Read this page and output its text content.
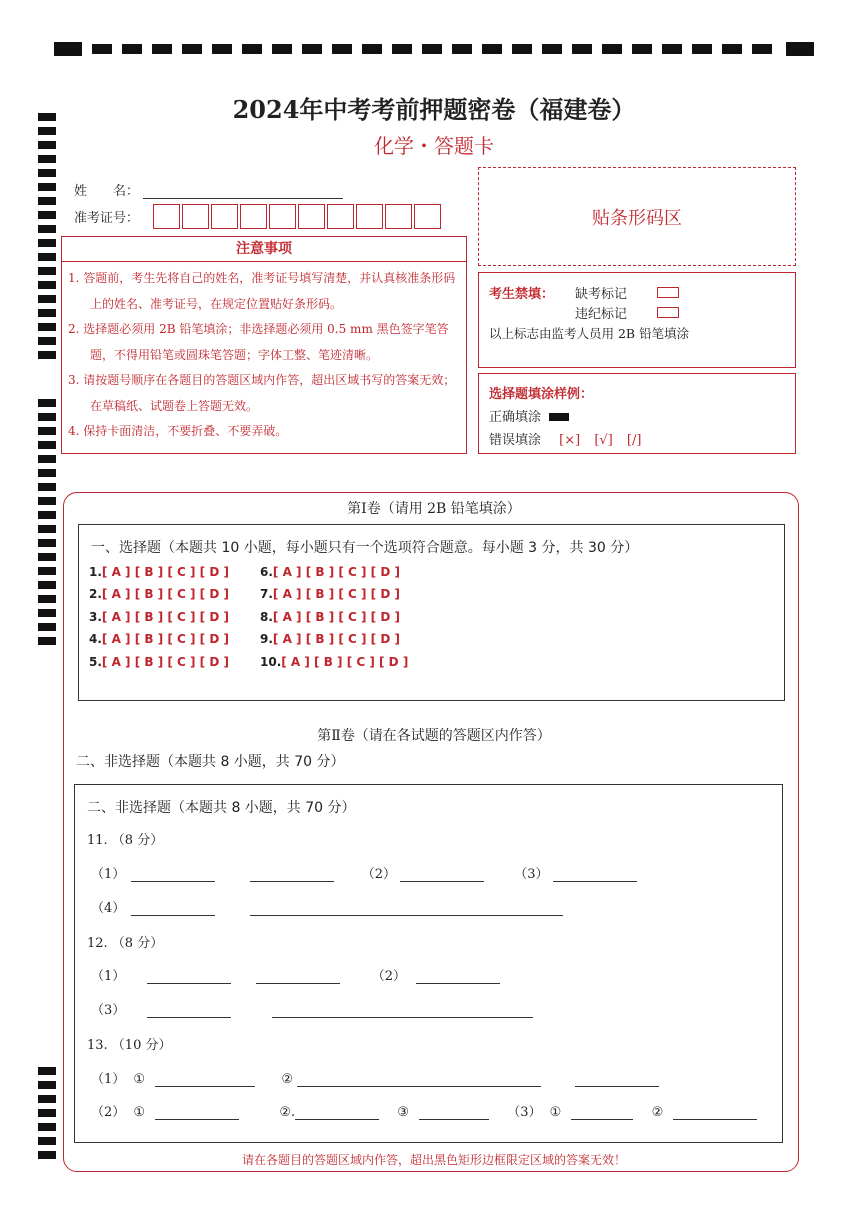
2024年中考考前押题密卷（福建卷）
化学・答题卡
姓　　名：
准考证号：	贴条形码区
注意事项
1. 答题前，考生先将自己的姓名，准考证号填写清楚，并认真核准条形码上的姓名、准考证号，在规定位置贴好条形码。
2. 选择题必须用 2B 铅笔填涂；非选择题必须用 0.5 mm 黑色签字笔答题，不得用铅笔或圆珠笔答题；字体工整、笔迹清晰。
3. 请按题号顺序在各题目的答题区域内作答，超出区域书写的答案无效；在草稿纸、试题卷上答题无效。
4. 保持卡面清洁，不要折叠、不要弄破。
考生禁填： 缺考标记
违纪标记
以上标志由监考人员用 2B 铅笔填涂
选择题填涂样例：
正确填涂
错误填涂 [×] [√] [/]
第Ⅰ卷（请用 2B 铅笔填涂）
一、选择题（本题共 10 小题，每小题只有一个选项符合题意。每小题 3 分，共 30 分）
1.[ A ] [ B ] [ C ] [ D ]
2.[ A ] [ B ] [ C ] [ D ]
3.[ A ] [ B ] [ C ] [ D ]
4.[ A ] [ B ] [ C ] [ D ]
5.[ A ] [ B ] [ C ] [ D ]
6.[ A ] [ B ] [ C ] [ D ]
7.[ A ] [ B ] [ C ] [ D ]
8.[ A ] [ B ] [ C ] [ D ]
9.[ A ] [ B ] [ C ] [ D ]
10.[ A ] [ B ] [ C ] [ D ]
第Ⅱ卷（请在各试题的答题区内作答）
二、非选择题（本题共 8 小题，共 70 分）
二、非选择题（本题共 8 小题，共 70 分）
11. （8 分）
（1）	（2）	（3）
（4）
12. （8 分）
（1）	（2）
（3）
13. （10 分）
（1） ①	②
（2） ①	②.	③	（3） ①	②
请在各题目的答题区域内作答，超出黑色矩形边框限定区域的答案无效！
